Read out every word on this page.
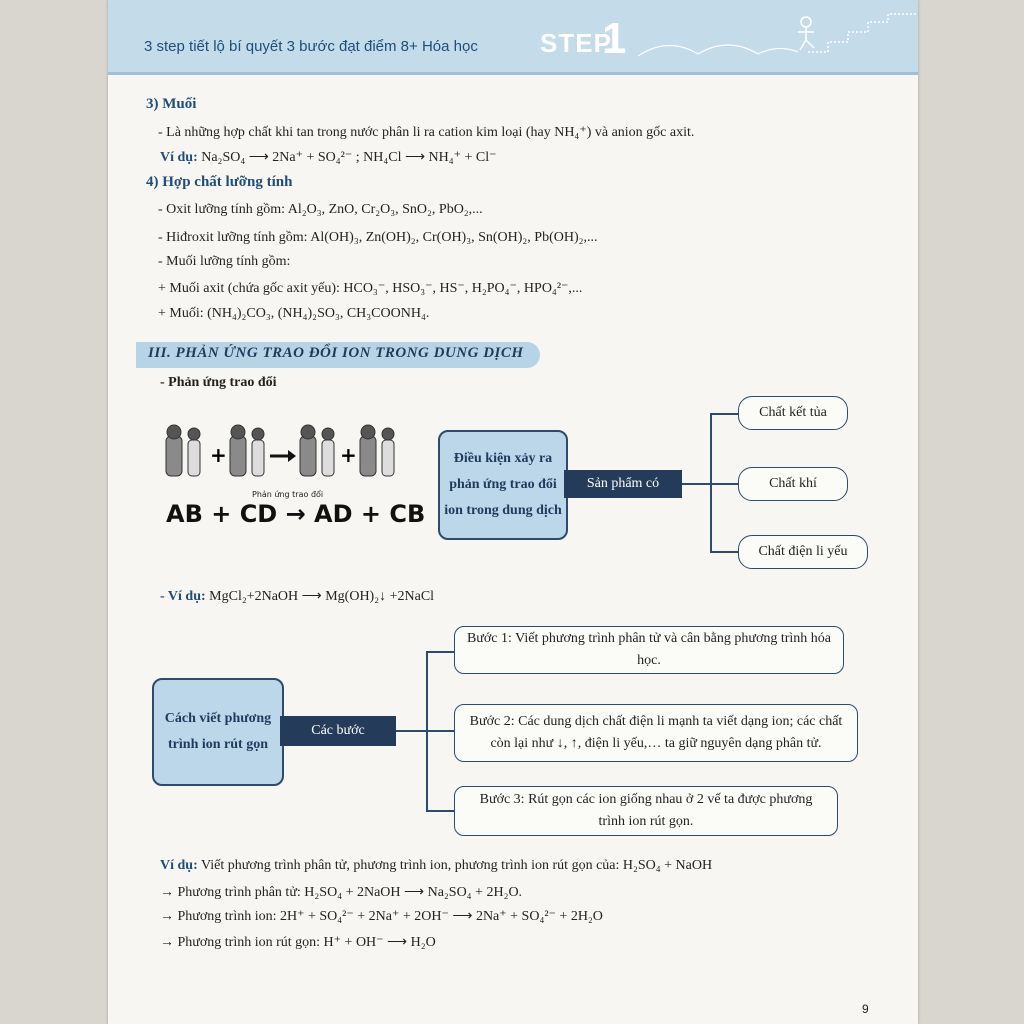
3 step tiết lộ bí quyết 3 bước đạt điểm 8+ Hóa học STEP
1
3) Muối
- Là những hợp chất khi tan trong nước phân li ra cation kim loại (hay NH₄⁺) và anion gốc axit.
Ví dụ: Na₂SO₄ ⟶ 2Na⁺ + SO₄²⁻ ; NH₄Cl ⟶ NH₄⁺ + Cl⁻
4) Hợp chất lưỡng tính
- Oxit lưỡng tính gồm: Al₂O₃, ZnO, Cr₂O₃, SnO₂, PbO₂,...
- Hiđroxit lưỡng tính gồm: Al(OH)₃, Zn(OH)₂, Cr(OH)₃, Sn(OH)₂, Pb(OH)₂,...
- Muối lưỡng tính gồm:
+ Muối axit (chứa gốc axit yếu): HCO₃⁻, HSO₃⁻, HS⁻, H₂PO₄⁻, HPO₄²⁻,...
+ Muối: (NH₄)₂CO₃, (NH₄)₂SO₃, CH₃COONH₄.
III. PHẢN ỨNG TRAO ĐỔI ION TRONG DUNG DỊCH
- Phản ứng trao đổi
+	+
Phản ứng trao đổi
AB + CD → AD + CB
Điều kiện xảy ra phản ứng trao đổi ion trong dung dịch
Sản phẩm có
Chất kết tủa
Chất khí
Chất điện li yếu
- Ví dụ: MgCl₂+2NaOH ⟶ Mg(OH)₂↓ +2NaCl
Cách viết phương trình ion rút gọn
Các bước
Bước 1: Viết phương trình phân tử và cân bằng phương trình hóa học.
Bước 2: Các dung dịch chất điện li mạnh ta viết dạng ion; các chất còn lại như ↓, ↑, điện li yếu,… ta giữ nguyên dạng phân tử.
Bước 3: Rút gọn các ion giống nhau ở 2 vế ta được phương trình ion rút gọn.
Ví dụ: Viết phương trình phân tử, phương trình ion, phương trình ion rút gọn của: H₂SO₄ + NaOH
→ Phương trình phân tử: H₂SO₄ + 2NaOH ⟶ Na₂SO₄ + 2H₂O.
→ Phương trình ion: 2H⁺ + SO₄²⁻ + 2Na⁺ + 2OH⁻ ⟶ 2Na⁺ + SO₄²⁻ + 2H₂O
→ Phương trình ion rút gọn: H⁺ + OH⁻ ⟶ H₂O
9
